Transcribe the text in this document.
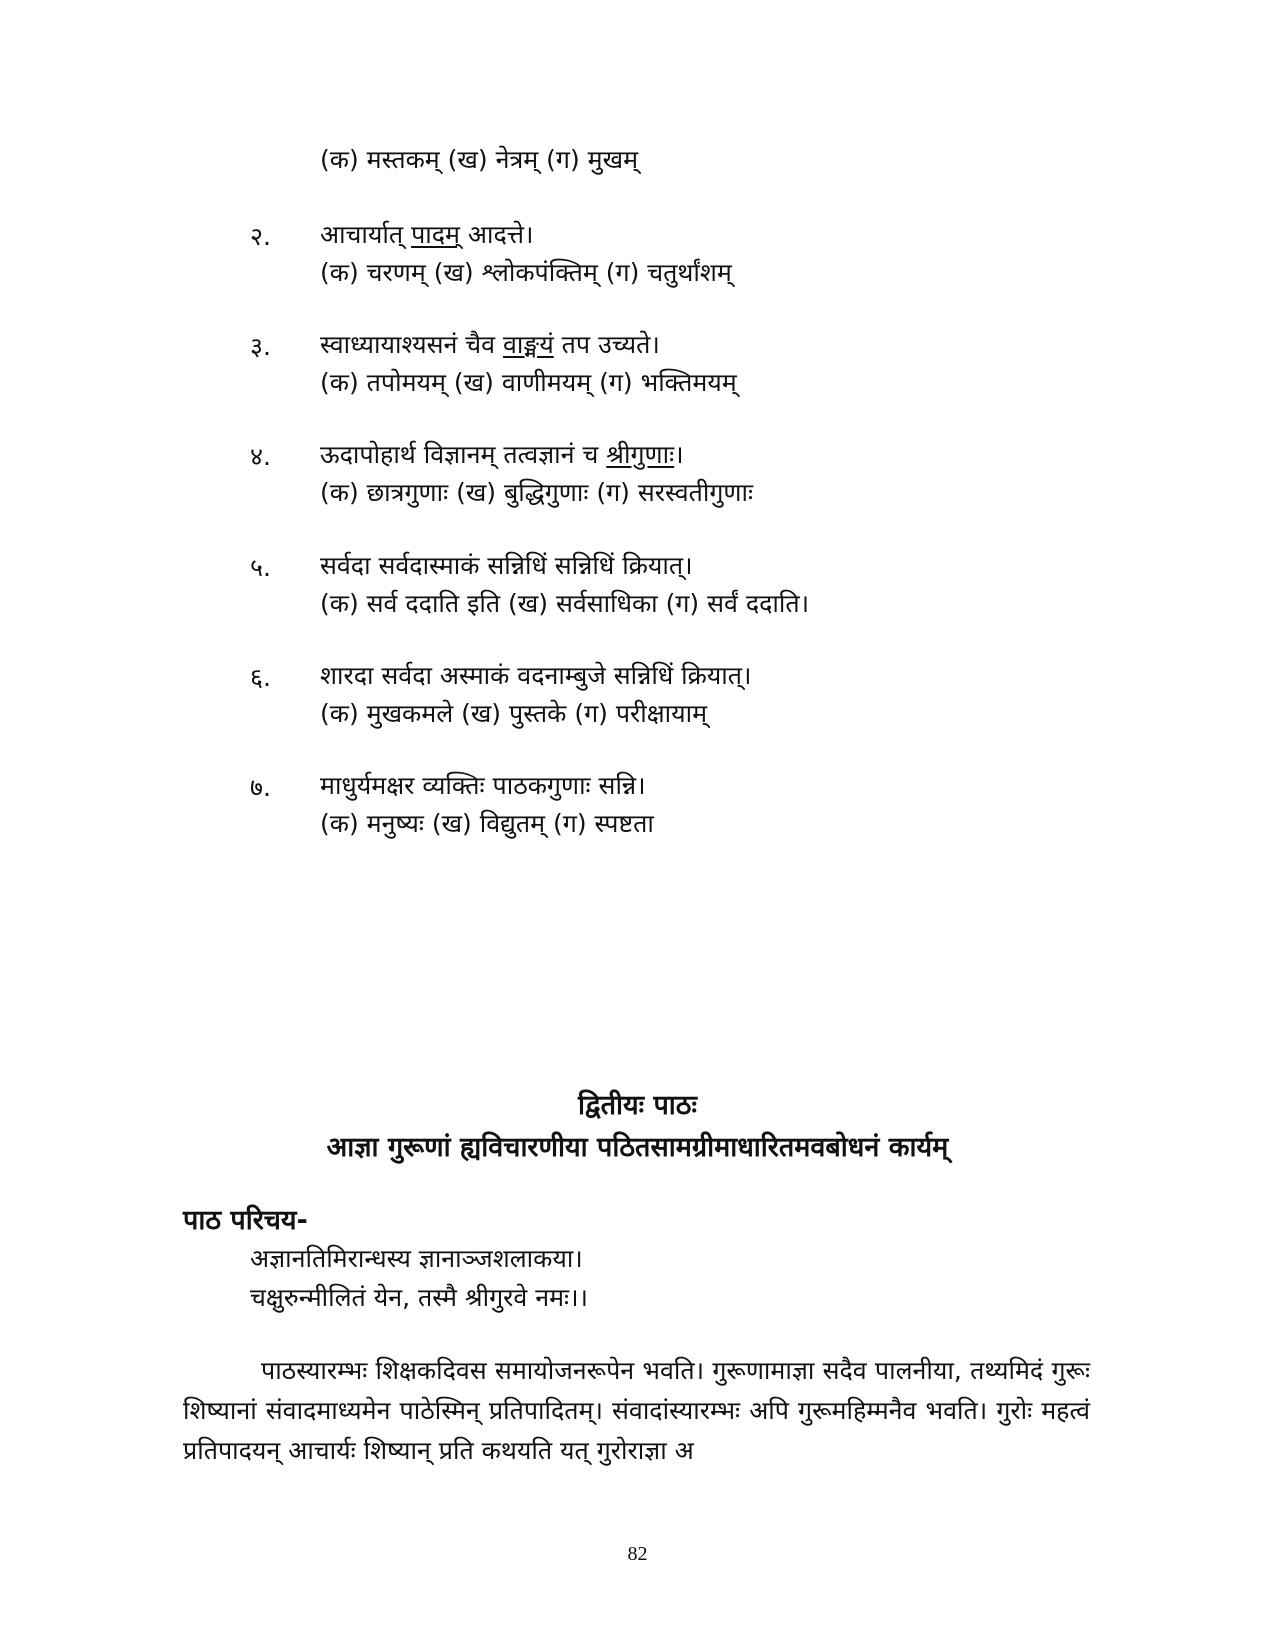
(क) मस्तकम् (ख) नेत्रम् (ग) मुखम्
२. आचार्यात् पादम् आदत्ते।
(क) चरणम् (ख) श्लोकपंक्तिम् (ग) चतुर्थांशम्
३. स्वाध्यायाश्यसनं चैव वाङ्मयं तप उच्यते।
(क) तपोमयम् (ख) वाणीमयम् (ग) भक्तिमयम्
४. ऊदापोहार्थ विज्ञानम् तत्वज्ञानं च श्रीगुणाः।
(क) छात्रगुणाः (ख) बुद्धिगुणाः (ग) सरस्वतीगुणाः
५. सर्वदा सर्वदास्माकं सन्निधिं सन्निधिं क्रियात्।
(क) सर्व ददाति इति (ख) सर्वसाधिका (ग) सर्वं ददाति।
६. शारदा सर्वदा अस्माकं वदनाम्बुजे सन्निधिं क्रियात्।
(क) मुखकमले (ख) पुस्तके (ग) परीक्षायाम्
७. माधुर्यमक्षर व्यक्तिः पाठकगुणाः सन्नि।
(क) मनुष्यः (ख) विद्युतम् (ग) स्पष्टता
द्वितीयः पाठः
आज्ञा गुरूणां ह्यविचारणीया पठितसामग्रीमाधारितमवबोधनं कार्यम्
पाठ परिचय-
अज्ञानतिमिरान्धस्य ज्ञानाञ्जशलाकया।
चक्षुरुन्मीलितं येन, तस्मै श्रीगुरवे नमः।।
पाठस्यारम्भः शिक्षकदिवस समायोजनरूपेन भवति। गुरूणामाज्ञा सदैव पालनीया, तथ्यमिदं गुरूः शिष्यानां संवादमाध्यमेन पाठेस्मिन् प्रतिपादितम्। संवादांस्यारम्भः अपि गुरूमहिम्मनैव भवति। गुरोः महत्वं प्रतिपादयन् आचार्यः शिष्यान् प्रति कथयति यत् गुरोराज्ञा अ
82
